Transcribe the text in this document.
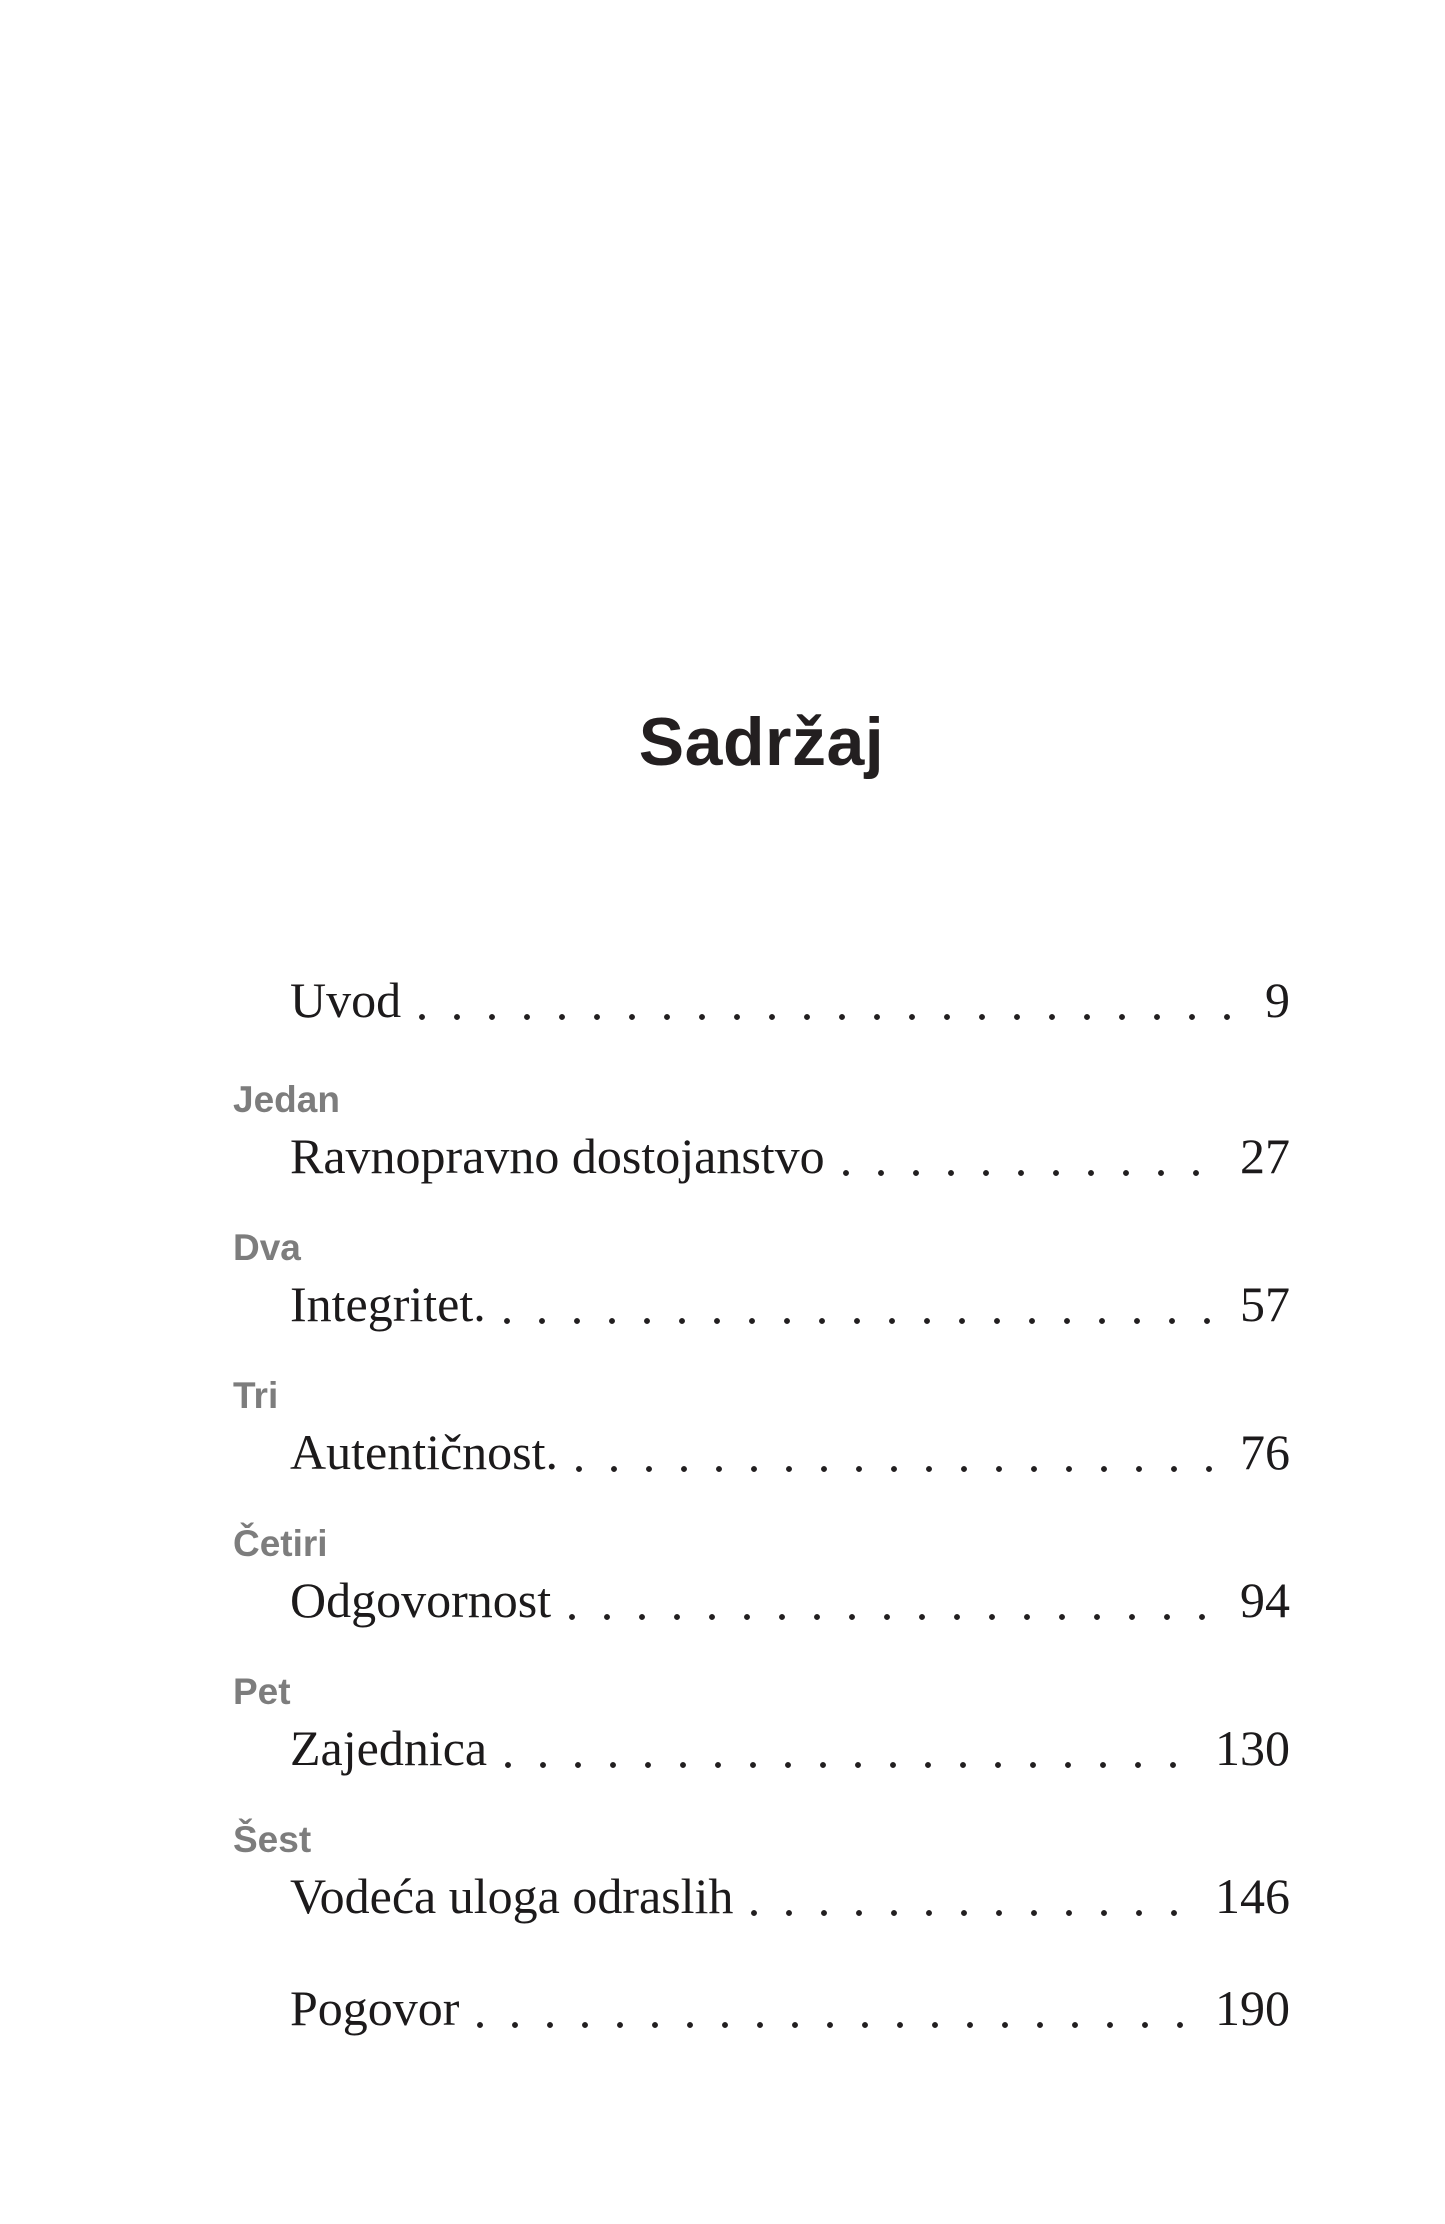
Sadržaj
Uvod	9
Jedan
Ravnopravno dostojanstvo	27
Dva
Integritet.	57
Tri
Autentičnost.	76
Četiri
Odgovornost	94
Pet
Zajednica	130
Šest
Vodeća uloga odraslih	146
Pogovor	190
